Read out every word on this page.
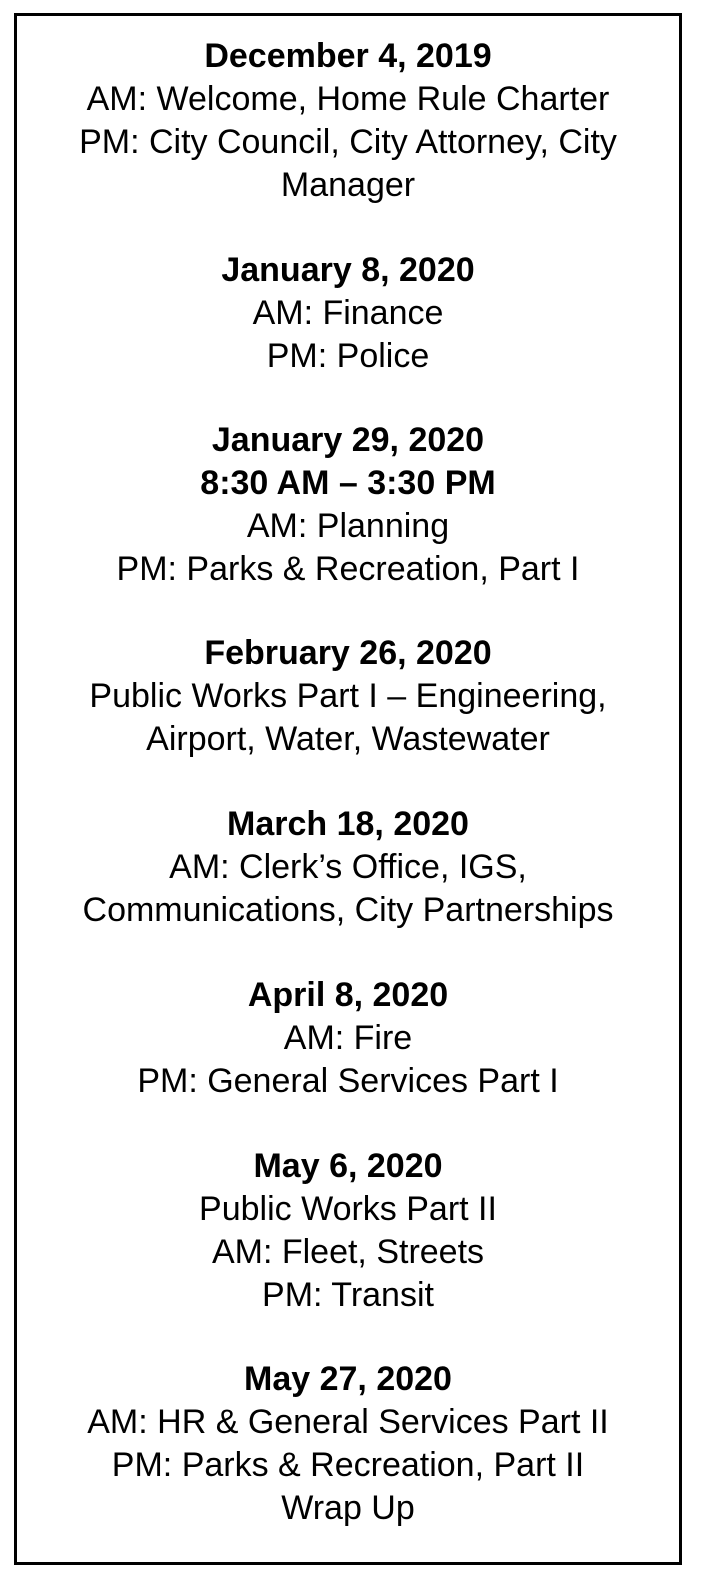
December 4, 2019
AM: Welcome, Home Rule Charter
PM: City Council, City Attorney, City
Manager
January 8, 2020
AM: Finance
PM: Police
January 29, 2020
8:30 AM – 3:30 PM
AM: Planning
PM: Parks & Recreation, Part I
February 26, 2020
Public Works Part I – Engineering,
Airport, Water, Wastewater
March 18, 2020
AM: Clerk’s Office, IGS,
Communications, City Partnerships
April 8, 2020
AM: Fire
PM: General Services Part I
May 6, 2020
Public Works Part II
AM: Fleet, Streets
PM: Transit
May 27, 2020
AM: HR & General Services Part II
PM: Parks & Recreation, Part II
Wrap Up
